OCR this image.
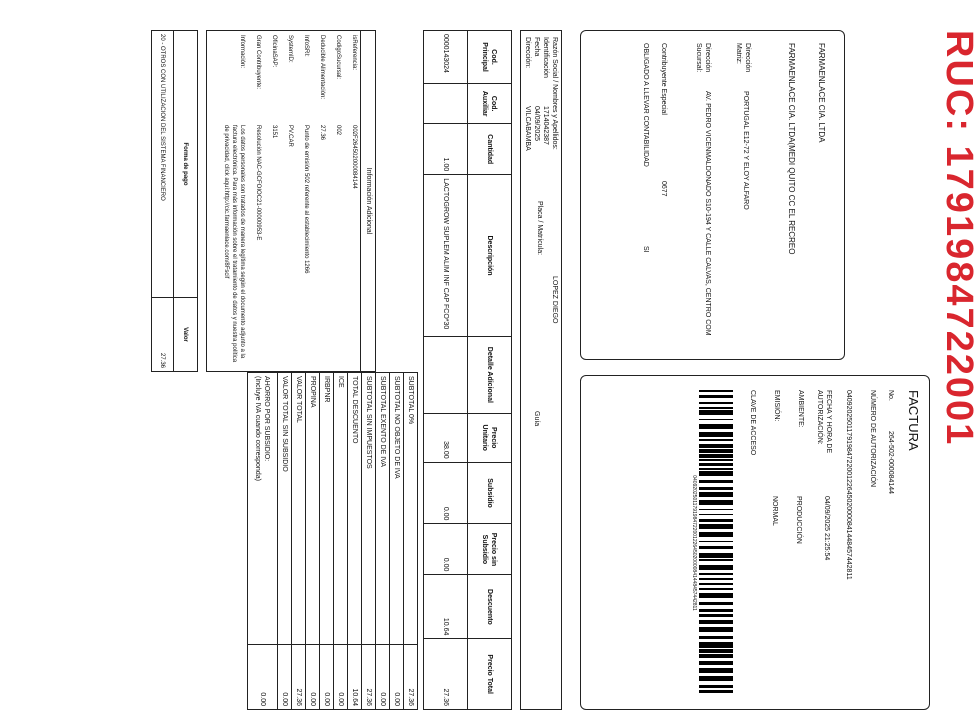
RUC: 1791984722001
FARMAENLACE CIA. LTDA
FARMAENLACE CIA. LTDA(MEDI QUITO CC EL RECREO
Dirección Matriz:
PORTUGAL E12-72 Y ELOY ALFARO
Dirección Sucursal:
AV. PEDRO VICENMALDONADO S10-194 Y CALLE CALVAS, CENTRO COM
Contribuyente Especial
0677
OBLIGADO A LLEVAR CONTABILIDAD
SI
FACTURA
No.
264-502-000084144
NÚMERO DE AUTORIZACIÓN
0409202501179198472200122645020000841448457442811
FECHA Y HORA DE AUTORIZACIÓN:
04/09/2025 21:25:54
AMBIENTE:
PRODUCCIÓN
EMISIÓN:
NORMAL
CLAVE DE ACCESO
0409202501179198472200122645020000841448457442811
Razón Social / Nombres y Apellidos:
LOPEZ DIEGO
Identificación
1714042387
Fecha
04/09/2025
Placa / Matrícula:
Guía
Dirección:
VILCABAMBA
Cod. Principal	Cod. Auxiliar	Cantidad	Descripción	Detalle Adicional	Precio Unitario	Subsidio	Precio sin Subsidio	Descuento	Precio Total
0000143024		1.00	LACTOGROW SUPLEM ALIM INF CAP FCO*30		38.00	0.00	0.00	10.64	27.36
Información Adicional
isReferencia:
002F264502000084144
CodigoSucursal:
002
Deducible Alimentación:
27.36
InfoSRI:
Punto de emisión 502 referente al establecimiento 1266
SystemID:
PV.CAR
OficinaSAP:
3151
Gran Contribuyente:
Resolución NAC-GCFOIOC21-00000953-E
Información:
Los datos personales son tratados de manera legítima según el documento adjunto a la factura electrónica. Para más información sobre el tratamiento de datos y nuestra política de privacidad, click aquí:http://cic.farmaenlace.com/8Fscif
Forma de pago	Valor
20 - OTROS CON UTILIZACION DEL SISTEMA FINANCIERO	27.36
SUBTOTAL 0%	27.36
SUBTOTAL NO OBJETO DE IVA	0.00
SUBTOTAL EXENTO DE IVA	0.00
SUBTOTAL SIN IMPUESTOS	27.36
TOTAL DESCUENTO	10.64
ICE	0.00
IRBPNR	0.00
PROPINA	0.00
VALOR TOTAL	27.36
VALOR TOTAL SIN SUBSIDIO	0.00
AHORRO POR SUBSIDIO:
(Incluye IVA cuando corresponda)	0.00
